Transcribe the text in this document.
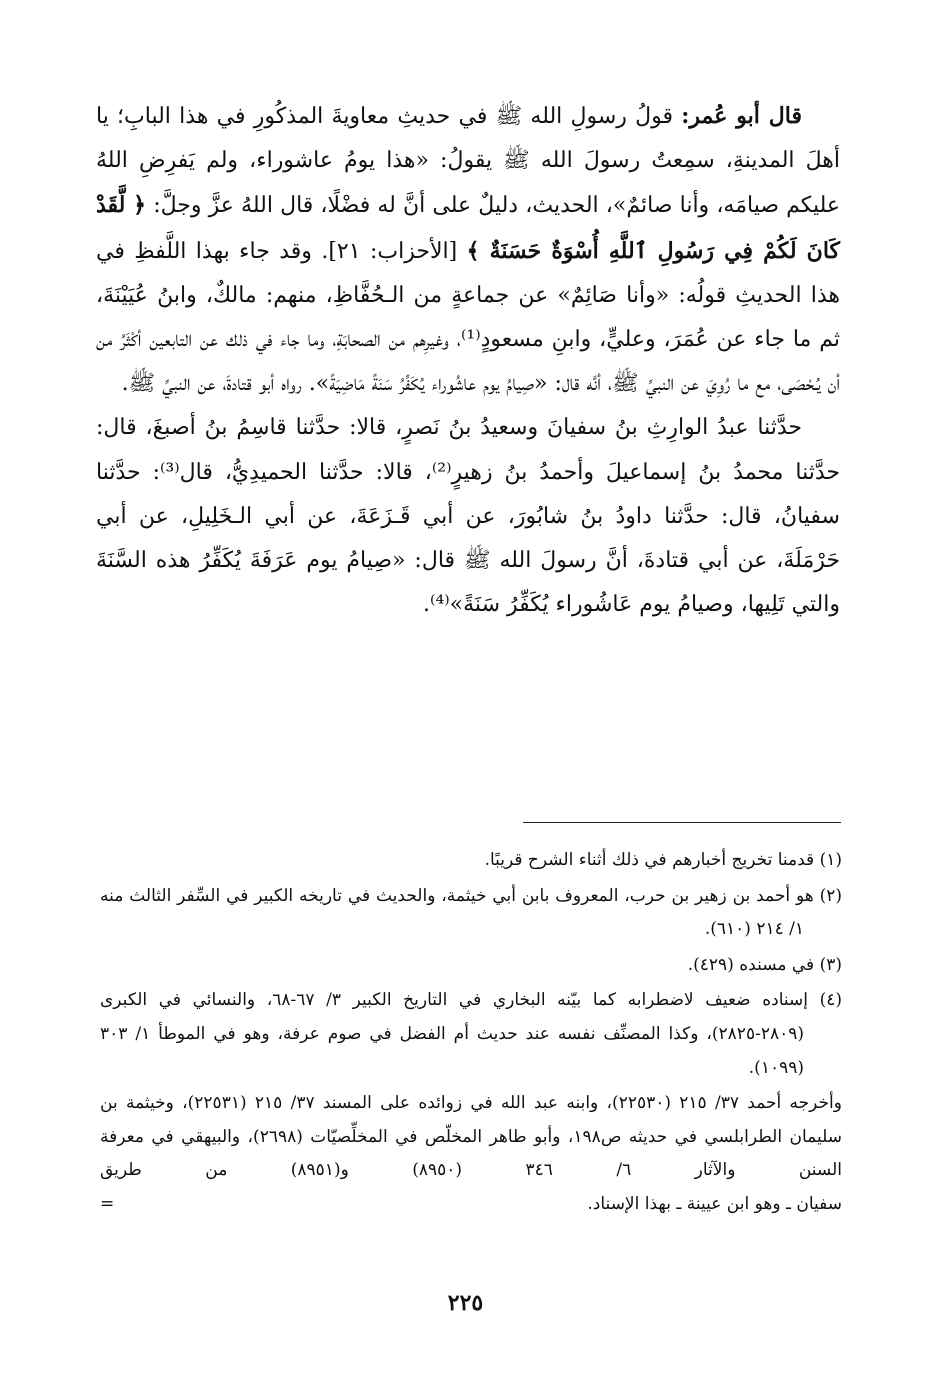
قال أبو عُمر: قولُ رسولِ الله ﷺ في حديثِ معاويةَ المذكُورِ في هذا البابِ؛ يا أهلَ المدينةِ، سمِعتُ رسولَ الله ﷺ يقولُ: «هذا يومُ عاشوراء، ولم يَفرِضِ اللهُ عليكم صيامَه، وأنا صائمٌ»، الحديث، دليلٌ على أنَّ له فضْلًا، قال اللهُ عزَّ وجلَّ: ﴿ لَّقَدْ كَانَ لَكُمْ فِي رَسُولِ ٱللَّهِ أُسْوَةٌ حَسَنَةٌ ﴾ [الأحزاب: ٢١]. وقد جاء بهذا اللَّفظِ في هذا الحديثِ قولُه: «وأنا صَائِمٌ» عن جماعةٍ من الـحُفَّاظِ، منهم: مالكٌ، وابنُ عُيَيْنَةَ، ثم ما جاء عن عُمَرَ، وعليٍّ، وابنِ مسعودٍ⁽¹⁾، وغيرِهم من الصحابَةِ، وما جاء في ذلك عن التابعين أكْثَرُ من أن يُـحْصَى، مع ما رُوِيَ عن النبيِّ ﷺ، أنَّه قال: «صِيامُ يوم عاشُوراء يُكَفِّرُ سَنَةً مَاضِيَةً». رواه أبو قتادةَ، عن النبيِّ ﷺ.

حدَّثنا عبدُ الوارِثِ بنُ سفيانَ وسعيدُ بنُ نَصرٍ، قالا: حدَّثنا قاسِمُ بنُ أصبغَ، قال: حدَّثنا محمدُ بنُ إسماعيلَ وأحمدُ بنُ زهيرٍ⁽²⁾، قالا: حدَّثنا الحميدِيُّ، قال⁽³⁾: حدَّثنا سفيانُ، قال: حدَّثنا داودُ بنُ شابُورَ، عن أبي قَـزَعَةَ، عن أبي الـخَلِيلِ، عن أبي حَرْمَلَةَ، عن أبي قتادةَ، أنَّ رسولَ الله ﷺ قال: «صِيامُ يوم عَرَفَةَ يُكَفِّرُ هذه السَّنَةَ والتي تَلِيها، وصيامُ يوم عَاشُوراء يُكَفِّرُ سَنَةً»⁽⁴⁾.

(١) قدمنا تخريج أخبارهم في ذلك أثناء الشرح قريبًا.

(٢) هو أحمد بن زهير بن حرب، المعروف بابن أبي خيثمة، والحديث في تاريخه الكبير في السِّفر الثالث منه ١/ ٢١٤ (٦١٠).

(٣) في مسنده (٤٢٩).

(٤) إسناده ضعيف لاضطرابه كما بيّنه البخاري في التاريخ الكبير ٣/ ٦٧-٦٨، والنسائي في الكبرى (٢٨٠٩-٢٨٢٥)، وكذا المصنِّف نفسه عند حديث أم الفضل في صوم عرفة، وهو في الموطأ ١/ ٣٠٣ (١٠٩٩).

وأخرجه أحمد ٣٧/ ٢١٥ (٢٢٥٣٠)، وابنه عبد الله في زوائده على المسند ٣٧/ ٢١٥ (٢٢٥٣١)، وخيثمة بن سليمان الطرابلسي في حديثه ص١٩٨، وأبو طاهر المخلّص في المخلِّصيّات (٢٦٩٨)، والبيهقي في معرفة السنن والآثار ٦/ ٣٤٦ (٨٩٥٠) و(٨٩٥١) من طريق

سفيان ـ وهو ابن عيينة ـ بهذا الإسناد.
=
٢٢٥
